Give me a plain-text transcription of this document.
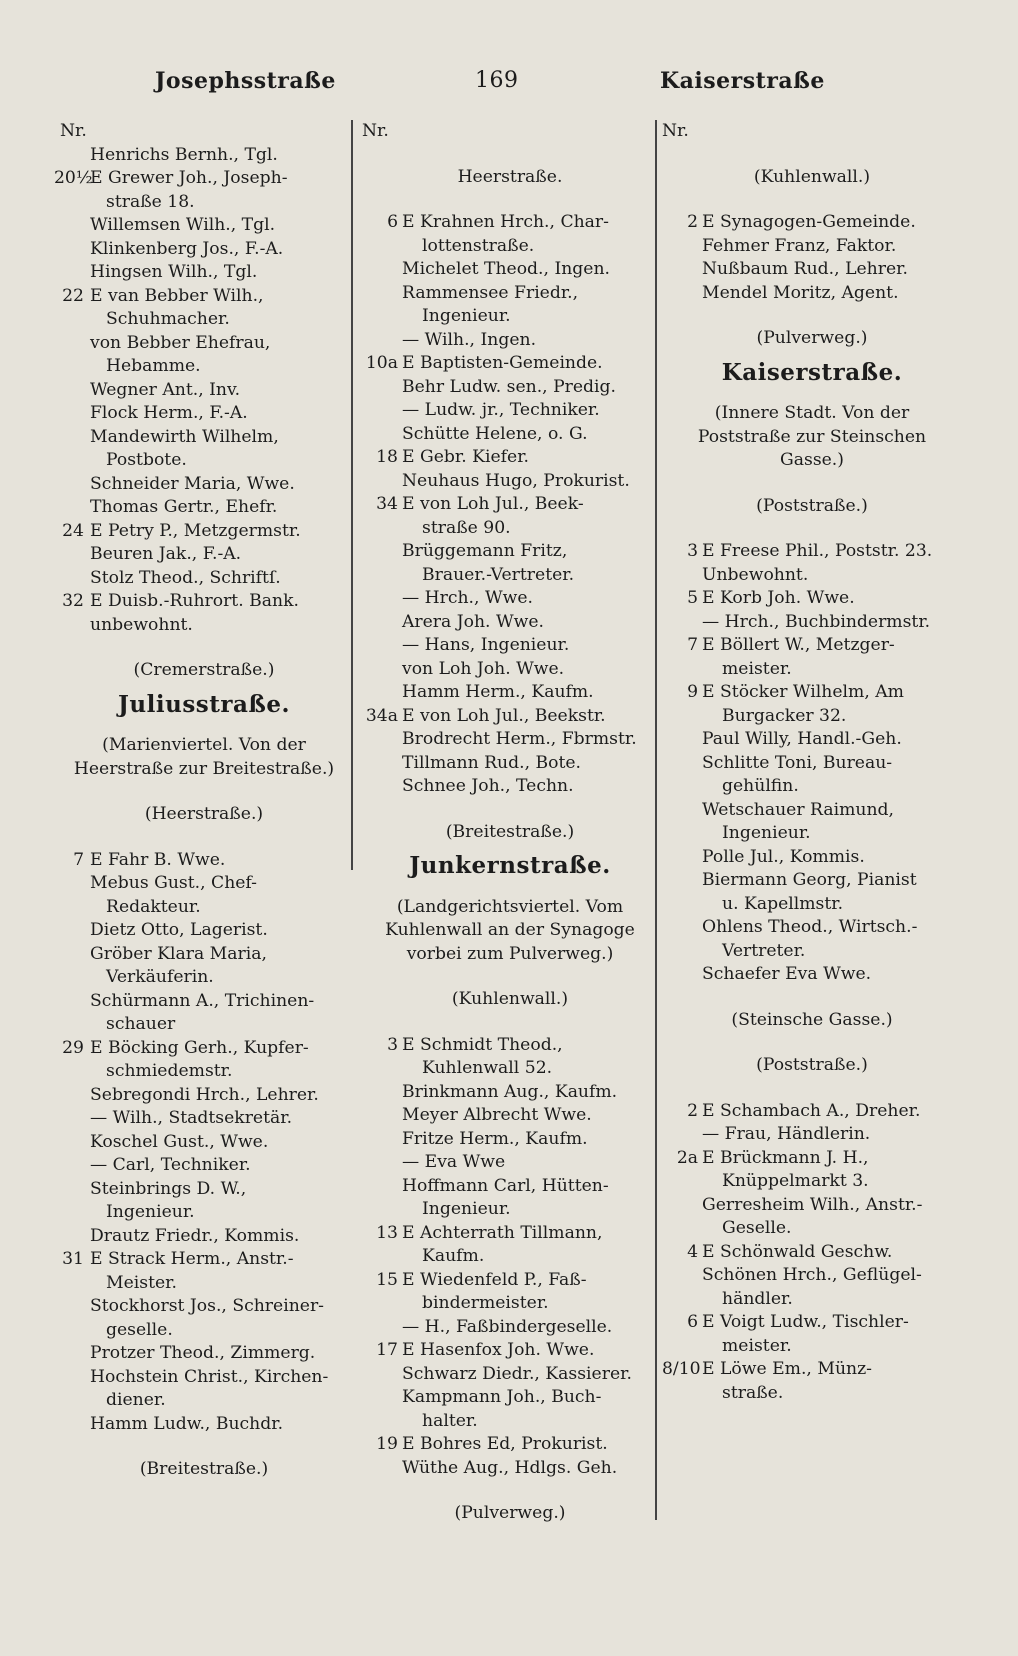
Josephsstraße	169	Kaiserstraße
Nr.
Henrichs Bernh., Tgl.
20½
E Grewer Joh., Joseph-
straße 18.
Willemsen Wilh., Tgl.
Klinkenberg Jos., F.-A.
Hingsen Wilh., Tgl.
22 E van Bebber Wilh.,
Schuhmacher.
von Bebber Ehefrau,
Hebamme.
Wegner Ant., Inv.
Flock Herm., F.-A.
Mandewirth Wilhelm,
Postbote.
Schneider Maria, Wwe.
Thomas Gertr., Ehefr.
24 E Petry P., Metzgermstr.
Beuren Jak., F.-A.
Stolz Theod., Schriftſ.
32 E Duisb.-Ruhrort. Bank.
unbewohnt.
(Cremerstraße.)
Juliusstraße.
(Marienviertel. Von der
Heerstraße zur Breitestraße.)
(Heerstraße.)
7 E Fahr B. Wwe.
Mebus Gust., Chef-
Redakteur.
Dietz Otto, Lagerist.
Gröber Klara Maria,
Verkäuferin.
Schürmann A., Trichinen-
schauer
29 E Böcking Gerh., Kupfer-
schmiedemstr.
Sebregondi Hrch., Lehrer.
— Wilh., Stadtsekretär.
Koschel Gust., Wwe.
— Carl, Techniker.
Steinbrings D. W.,
Ingenieur.
Drautz Friedr., Kommis.
31 E Strack Herm., Anstr.-
Meister.
Stockhorst Jos., Schreiner-
geselle.
Protzer Theod., Zimmerg.
Hochstein Christ., Kirchen-
diener.
Hamm Ludw., Buchdr.
(Breitestraße.)
Nr.
Heerstraße.
6 E Krahnen Hrch., Char-
lottenstraße.
Michelet Theod., Ingen.
Rammensee Friedr.,
Ingenieur.
— Wilh., Ingen.
10a E Baptisten-Gemeinde.
Behr Ludw. sen., Predig.
— Ludw. jr., Techniker.
Schütte Helene, o. G.
18 E Gebr. Kiefer.
Neuhaus Hugo, Prokurist.
34 E von Loh Jul., Beek-
straße 90.
Brüggemann Fritz,
Brauer.-Vertreter.
— Hrch., Wwe.
Arera Joh. Wwe.
— Hans, Ingenieur.
von Loh Joh. Wwe.
Hamm Herm., Kaufm.
34a E von Loh Jul., Beekstr.
Brodrecht Herm., Fbrmstr.
Tillmann Rud., Bote.
Schnee Joh., Techn.
(Breitestraße.)
Junkernstraße.
(Landgerichtsviertel. Vom
Kuhlenwall an der Synagoge
vorbei zum Pulverweg.)
(Kuhlenwall.)
3 E Schmidt Theod.,
Kuhlenwall 52.
Brinkmann Aug., Kaufm.
Meyer Albrecht Wwe.
Fritze Herm., Kaufm.
— Eva Wwe
Hoffmann Carl, Hütten-
Ingenieur.
13 E Achterrath Tillmann,
Kaufm.
15 E Wiedenfeld P., Faß-
bindermeister.
— H., Faßbindergeselle.
17 E Hasenfox Joh. Wwe.
Schwarz Diedr., Kassierer.
Kampmann Joh., Buch-
halter.
19 E Bohres Ed, Prokurist.
Wüthe Aug., Hdlgs. Geh.
(Pulverweg.)
Nr.
(Kuhlenwall.)
2 E Synagogen-Gemeinde.
Fehmer Franz, Faktor.
Nußbaum Rud., Lehrer.
Mendel Moritz, Agent.
(Pulverweg.)
Kaiserstraße.
(Innere Stadt. Von der
Poststraße zur Steinschen
Gasse.)
(Poststraße.)
3 E Freese Phil., Poststr. 23.
Unbewohnt.
5 E Korb Joh. Wwe.
— Hrch., Buchbindermstr.
7 E Böllert W., Metzger-
meister.
9 E Stöcker Wilhelm, Am
Burgacker 32.
Paul Willy, Handl.-Geh.
Schlitte Toni, Bureau-
gehülfin.
Wetschauer Raimund,
Ingenieur.
Polle Jul., Kommis.
Biermann Georg, Pianist
u. Kapellmstr.
Ohlens Theod., Wirtsch.-
Vertreter.
Schaefer Eva Wwe.
(Steinsche Gasse.)
(Poststraße.)
2 E Schambach A., Dreher.
— Frau, Händlerin.
2a E Brückmann J. H.,
Knüppelmarkt 3.
Gerresheim Wilh., Anstr.-
Geselle.
4 E Schönwald Geschw.
Schönen Hrch., Geflügel-
händler.
6 E Voigt Ludw., Tischler-
meister.
8/10 E Löwe Em., Münz-
straße.
